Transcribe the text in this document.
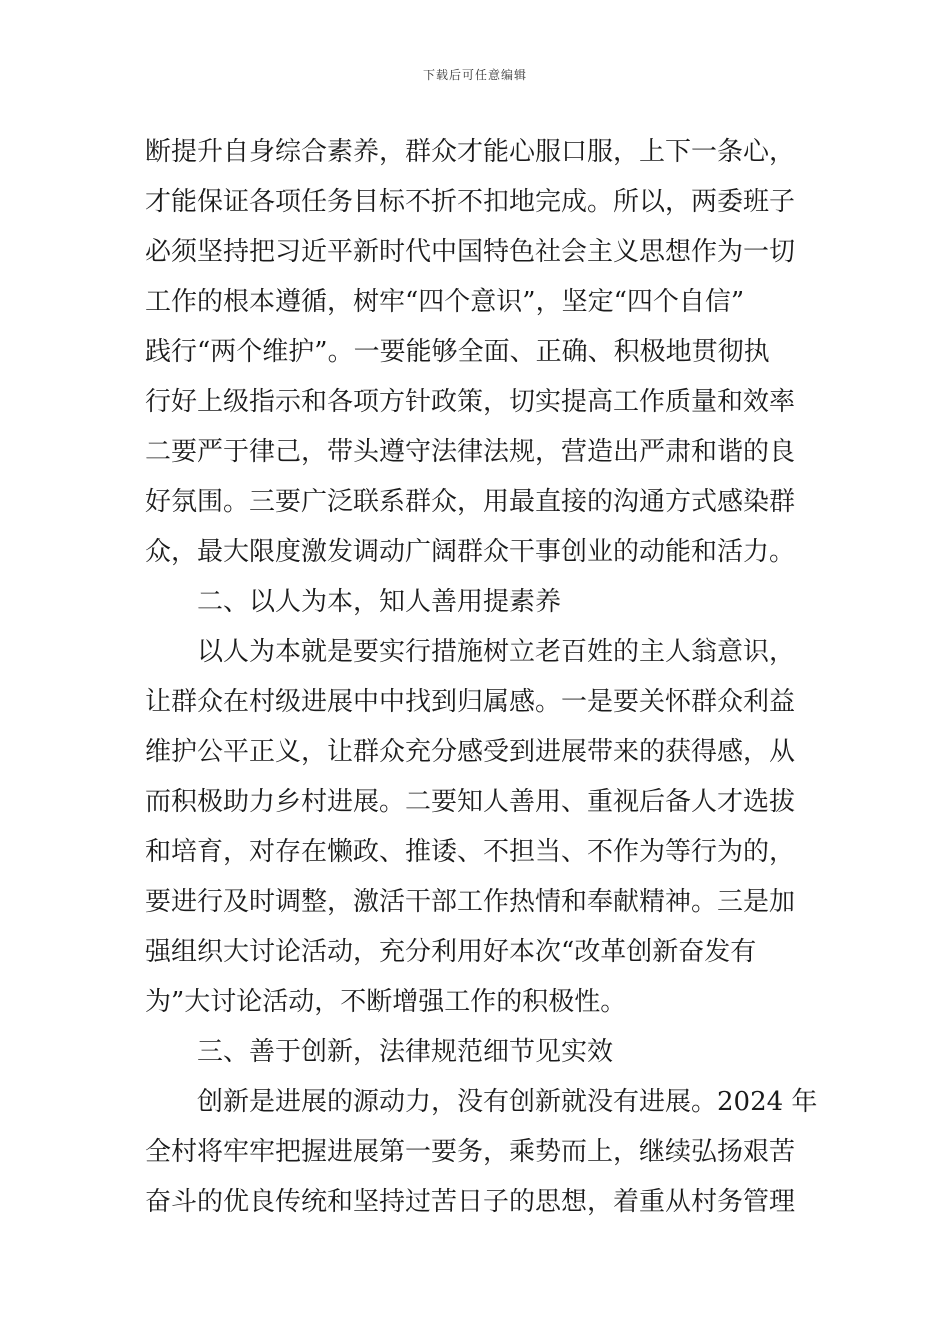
下载后可任意编辑
断提升自身综合素养，群众才能心服口服，上下一条心，
才能保证各项任务目标不折不扣地完成。所以，两委班子
必须坚持把习近平新时代中国特色社会主义思想作为一切
工作的根本遵循，树牢“四个意识”，坚定“四个自信”
践行“两个维护”。一要能够全面、正确、积极地贯彻执
行好上级指示和各项方针政策，切实提高工作质量和效率
二要严于律己，带头遵守法律法规，营造出严肃和谐的良
好氛围。三要广泛联系群众，用最直接的沟通方式感染群
众，最大限度激发调动广阔群众干事创业的动能和活力。
二、以人为本，知人善用提素养
以人为本就是要实行措施树立老百姓的主人翁意识，
让群众在村级进展中中找到归属感。一是要关怀群众利益
维护公平正义，让群众充分感受到进展带来的获得感，从
而积极助力乡村进展。二要知人善用、重视后备人才选拔
和培育，对存在懒政、推诿、不担当、不作为等行为的，
要进行及时调整，激活干部工作热情和奉献精神。三是加
强组织大讨论活动，充分利用好本次“改革创新奋发有
为”大讨论活动，不断增强工作的积极性。
三、善于创新，法律规范细节见实效
创新是进展的源动力，没有创新就没有进展。2024 年
全村将牢牢把握进展第一要务，乘势而上，继续弘扬艰苦
奋斗的优良传统和坚持过苦日子的思想，着重从村务管理
